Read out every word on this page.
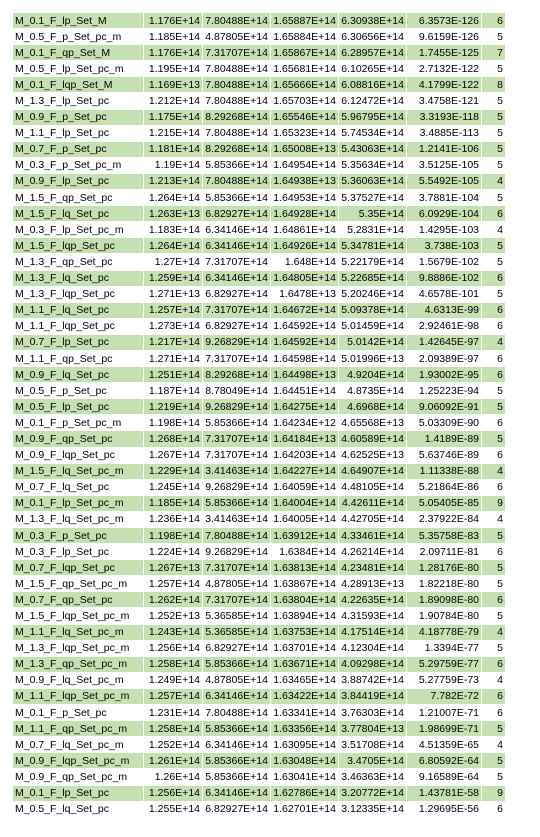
M_0.1_F_lp_Set_M	1.176E+14	7.80488E+14	1.65887E+14	6.30938E+14	6.3573E-126	6
M_0.5_F_p_Set_pc_m	1.185E+14	4.87805E+14	1.65884E+14	6.30656E+14	9.6159E-126	5
M_0.1_F_qp_Set_M	1.176E+14	7.31707E+14	1.65867E+14	6.28957E+14	1.7455E-125	7
M_0.5_F_lp_Set_pc_m	1.195E+14	7.80488E+14	1.65681E+14	6.10265E+14	2.7132E-122	5
M_0.1_F_lqp_Set_M	1.169E+13	7.80488E+14	1.65666E+14	6.08816E+14	4.1799E-122	8
M_1.3_F_lp_Set_pc	1.212E+14	7.80488E+14	1.65703E+14	6.12472E+14	3.4758E-121	5
M_0.9_F_p_Set_pc	1.175E+14	8.29268E+14	1.65546E+14	5.96795E+14	3.3193E-118	5
M_1.1_F_lp_Set_pc	1.215E+14	7.80488E+14	1.65323E+14	5.74534E+14	3.4885E-113	5
M_0.7_F_p_Set_pc	1.181E+14	8.29268E+14	1.65008E+13	5.43063E+14	1.2141E-106	5
M_0.3_F_p_Set_pc_m	1.19E+14	5.85366E+14	1.64954E+14	5.35634E+14	3.5125E-105	5
M_0.9_F_lp_Set_pc	1.213E+14	7.80488E+14	1.64938E+13	5.36063E+14	5.5492E-105	4
M_1.5_F_qp_Set_pc	1.264E+14	5.85366E+14	1.64953E+14	5.37527E+14	3.7881E-104	5
M_1.5_F_lq_Set_pc	1.263E+13	6.82927E+14	1.64928E+14	5.35E+14	6.0929E-104	6
M_0.3_F_lp_Set_pc_m	1.183E+14	6.34146E+14	1.64861E+14	5.2831E+14	1.4295E-103	4
M_1.5_F_lqp_Set_pc	1.264E+14	6.34146E+14	1.64926E+14	5.34781E+14	3.738E-103	5
M_1.3_F_qp_Set_pc	1.27E+14	7.31707E+14	1.648E+14	5.22179E+14	1.5679E-102	5
M_1.3_F_lq_Set_pc	1.259E+14	6.34146E+14	1.64805E+14	5.22685E+14	9.8886E-102	6
M_1.3_F_lqp_Set_pc	1.271E+13	6.82927E+14	1.6478E+13	5.20246E+14	4.6578E-101	5
M_1.1_F_lq_Set_pc	1.257E+14	7.31707E+14	1.64672E+14	5.09378E+14	4.6313E-99	6
M_1.1_F_lqp_Set_pc	1.273E+14	6.82927E+14	1.64592E+14	5.01459E+14	2.92461E-98	6
M_0.7_F_lp_Set_pc	1.217E+14	9.26829E+14	1.64592E+14	5.0142E+14	1.42645E-97	4
M_1.1_F_qp_Set_pc	1.271E+14	7.31707E+14	1.64598E+14	5.01996E+13	2.09389E-97	6
M_0.9_F_lq_Set_pc	1.251E+14	8.29268E+14	1.64498E+13	4.9204E+14	1.93002E-95	6
M_0.5_F_p_Set_pc	1.187E+14	8.78049E+14	1.64451E+14	4.8735E+14	1.25223E-94	5
M_0.5_F_lp_Set_pc	1.219E+14	9.26829E+14	1.64275E+14	4.6968E+14	9.06092E-91	5
M_0.1_F_p_Set_pc_m	1.198E+14	5.85366E+14	1.64234E+12	4.65568E+13	5.03309E-90	6
M_0.9_F_qp_Set_pc	1.268E+14	7.31707E+14	1.64184E+13	4.60589E+14	1.4189E-89	5
M_0.9_F_lqp_Set_pc	1.267E+14	7.31707E+14	1.64203E+14	4.62525E+13	5.63746E-89	6
M_1.5_F_lq_Set_pc_m	1.229E+14	3.41463E+14	1.64227E+14	4.64907E+14	1.11338E-88	4
M_0.7_F_lq_Set_pc	1.245E+14	9.26829E+14	1.64059E+14	4.48105E+14	5.21864E-86	6
M_0.1_F_lp_Set_pc_m	1.185E+14	5.85366E+14	1.64004E+14	4.42611E+14	5.05405E-85	9
M_1.3_F_lq_Set_pc_m	1.236E+14	3.41463E+14	1.64005E+14	4.42705E+14	2.37922E-84	4
M_0.3_F_p_Set_pc	1.198E+14	7.80488E+14	1.63912E+14	4.33461E+14	5.35758E-83	5
M_0.3_F_lp_Set_pc	1.224E+14	9.26829E+14	1.6384E+14	4.26214E+14	2.09711E-81	6
M_0.7_F_lqp_Set_pc	1.267E+13	7.31707E+14	1.63813E+14	4.23481E+14	1.28176E-80	5
M_1.5_F_qp_Set_pc_m	1.257E+14	4.87805E+14	1.63867E+14	4.28913E+13	1.82218E-80	5
M_0.7_F_qp_Set_pc	1.262E+14	7.31707E+14	1.63804E+14	4.22635E+14	1.89098E-80	6
M_1.5_F_lqp_Set_pc_m	1.252E+13	5.36585E+14	1.63894E+14	4.31593E+14	1.90784E-80	5
M_1.1_F_lq_Set_pc_m	1.243E+14	5.36585E+14	1.63753E+14	4.17514E+14	4.18778E-79	4
M_1.3_F_lqp_Set_pc_m	1.256E+14	6.82927E+14	1.63701E+14	4.12304E+14	1.3394E-77	5
M_1.3_F_qp_Set_pc_m	1.258E+14	5.85366E+14	1.63671E+14	4.09298E+14	5.29759E-77	6
M_0.9_F_lq_Set_pc_m	1.249E+14	4.87805E+14	1.63465E+14	3.88742E+14	5.27759E-73	4
M_1.1_F_lqp_Set_pc_m	1.257E+14	6.34146E+14	1.63422E+14	3.84419E+14	7.782E-72	6
M_0.1_F_p_Set_pc	1.231E+14	7.80488E+14	1.63341E+14	3.76303E+14	1.21007E-71	6
M_1.1_F_qp_Set_pc_m	1.258E+14	5.85366E+14	1.63356E+14	3.77804E+13	1.98699E-71	5
M_0.7_F_lq_Set_pc_m	1.252E+14	6.34146E+14	1.63095E+14	3.51708E+14	4.51359E-65	4
M_0.9_F_lqp_Set_pc_m	1.261E+14	5.85366E+14	1.63048E+14	3.4705E+14	6.80592E-64	5
M_0.9_F_qp_Set_pc_m	1.26E+14	5.85366E+14	1.63041E+14	3.46363E+14	9.16589E-64	5
M_0.1_F_lp_Set_pc	1.256E+14	6.34146E+14	1.62786E+14	3.20772E+14	1.43781E-58	9
M_0.5_F_lq_Set_pc	1.255E+14	6.82927E+14	1.62701E+14	3.12335E+14	1.29695E-56	6
